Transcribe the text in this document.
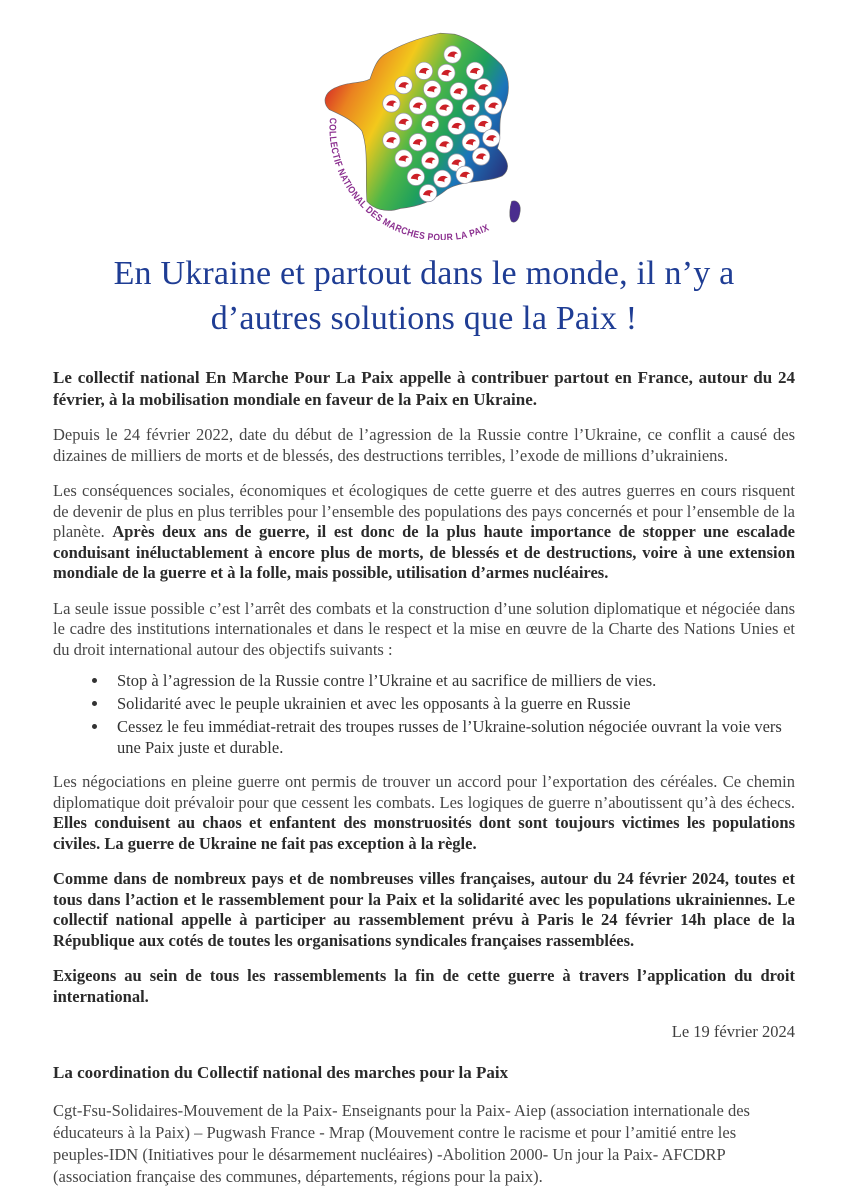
COLLECTIF NATIONAL DES MARCHES POUR LA PAIX
En Ukraine et partout dans le monde, il n’y a
d’autres solutions que la Paix !

Le collectif national En Marche Pour La Paix appelle à contribuer partout en France, autour du 24 février, à la mobilisation mondiale en faveur de la Paix en Ukraine.

Depuis le 24 février 2022, date du début de l’agression de la Russie contre l’Ukraine, ce conflit a causé des dizaines de milliers de morts et de blessés, des destructions terribles, l’exode de millions d’ukrainiens.

Les conséquences sociales, économiques et écologiques de cette guerre et des autres guerres en cours risquent de devenir de plus en plus terribles pour l’ensemble des populations des pays concernés et pour l’ensemble de la planète. Après deux ans de guerre, il est donc de la plus haute importance de stopper une escalade conduisant inéluctablement à encore plus de morts, de blessés et de destructions, voire à une extension mondiale de la guerre et à la folle, mais possible, utilisation d’armes nucléaires.

La seule issue possible c’est l’arrêt des combats et la construction d’une solution diplomatique et négociée dans le cadre des institutions internationales et dans le respect et la mise en œuvre de la Charte des Nations Unies et du droit international autour des objectifs suivants :

• Stop à l’agression de la Russie contre l’Ukraine et au sacrifice de milliers de vies.
• Solidarité avec le peuple ukrainien et avec les opposants à la guerre en Russie
• Cessez le feu immédiat-retrait des troupes russes de l’Ukraine-solution négociée ouvrant la voie vers une Paix juste et durable.

Les négociations en pleine guerre ont permis de trouver un accord pour l’exportation des céréales. Ce chemin diplomatique doit prévaloir pour que cessent les combats. Les logiques de guerre n’aboutissent qu’à des échecs. Elles conduisent au chaos et enfantent des monstruosités dont sont toujours victimes les populations civiles. La guerre de Ukraine ne fait pas exception à la règle.

Comme dans de nombreux pays et de nombreuses villes françaises, autour du 24 février 2024, toutes et tous dans l’action et le rassemblement pour la Paix et la solidarité avec les populations ukrainiennes. Le collectif national appelle à participer au rassemblement prévu à Paris le 24 février 14h place de la République aux cotés de toutes les organisations syndicales françaises rassemblées.

Exigeons au sein de tous les rassemblements la fin de cette guerre à travers l’application du droit international.

Le 19 février 2024

La coordination du Collectif national des marches pour la Paix

Cgt-Fsu-Solidaires-Mouvement de la Paix- Enseignants pour la Paix- Aiep (association internationale des éducateurs à la Paix) – Pugwash France - Mrap (Mouvement contre le racisme et pour l’amitié entre les peuples-IDN (Initiatives pour le désarmement nucléaires) -Abolition 2000- Un jour la Paix- AFCDRP (association française des communes, départements, régions pour la paix).
